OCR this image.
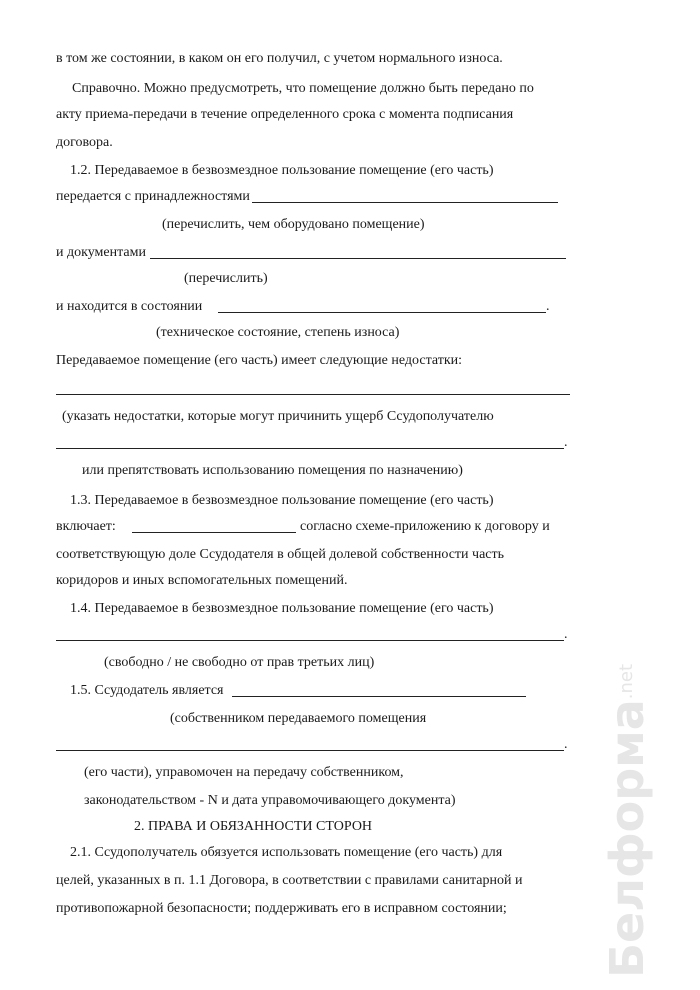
в том же состоянии, в каком он его получил, с учетом нормального износа.
Справочно. Можно предусмотреть, что помещение должно быть передано по
акту приема-передачи в течение определенного срока с момента подписания
договора.
1.2. Передаваемое в безвозмездное пользование помещение (его часть)
передается с принадлежностями
(перечислить, чем оборудовано помещение)
и документами
(перечислить)
и находится в состоянии	.
(техническое состояние, степень износа)
Передаваемое помещение (его часть) имеет следующие недостатки:
(указать недостатки, которые могут причинить ущерб Ссудополучателю
.
или препятствовать использованию помещения по назначению)
1.3. Передаваемое в безвозмездное пользование помещение (его часть)
включает:	согласно схеме-приложению к договору и
соответствующую доле Ссудодателя в общей долевой собственности часть
коридоров и иных вспомогательных помещений.
1.4. Передаваемое в безвозмездное пользование помещение (его часть)
.
(свободно / не свободно от прав третьих лиц)
1.5. Ссудодатель является
(собственником передаваемого помещения
.
(его части), управомочен на передачу собственником,
законодательством - N и дата управомочивающего документа)
2. ПРАВА И ОБЯЗАННОСТИ СТОРОН
2.1. Ссудополучатель обязуется использовать помещение (его часть) для
целей, указанных в п. 1.1 Договора, в соответствии с правилами санитарной и
противопожарной безопасности; поддерживать его в исправном состоянии; Белформа$^{.net}$
